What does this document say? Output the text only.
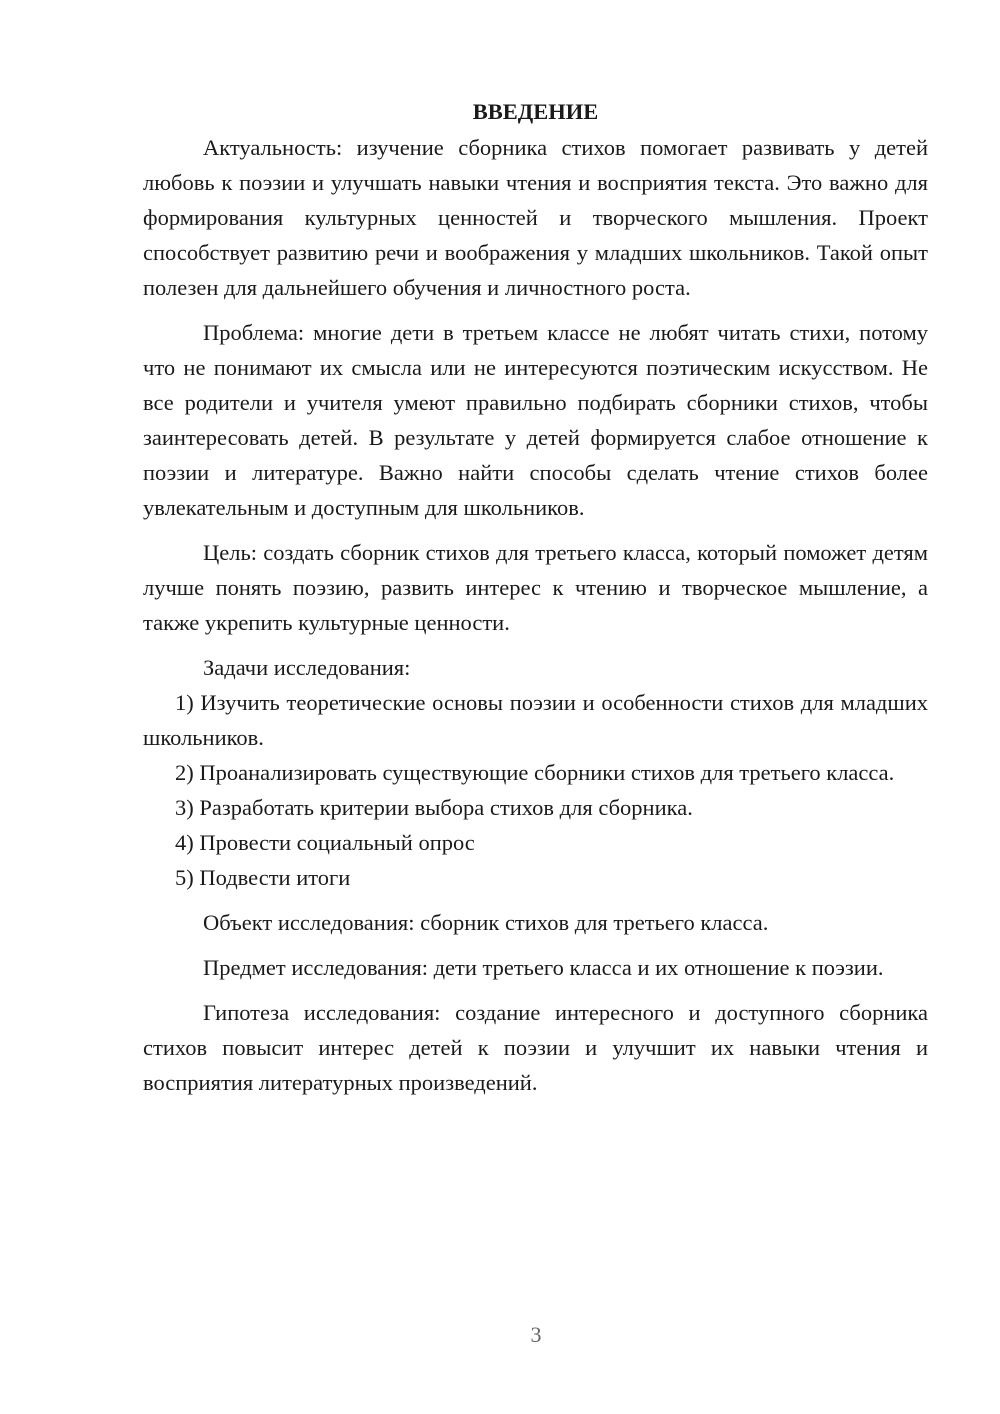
ВВЕДЕНИЕ

Актуальность: изучение сборника стихов помогает развивать у детей любовь к поэзии и улучшать навыки чтения и восприятия текста. Это важно для формирования культурных ценностей и творческого мышления. Проект способствует развитию речи и воображения у младших школьников. Такой опыт полезен для дальнейшего обучения и личностного роста.

Проблема: многие дети в третьем классе не любят читать стихи, потому что не понимают их смысла или не интересуются поэтическим искусством. Не все родители и учителя умеют правильно подбирать сборники стихов, чтобы заинтересовать детей. В результате у детей формируется слабое отношение к поэзии и литературе. Важно найти способы сделать чтение стихов более увлекательным и доступным для школьников.

Цель: создать сборник стихов для третьего класса, который поможет детям лучше понять поэзию, развить интерес к чтению и творческое мышление, а также укрепить культурные ценности.

Задачи исследования:

1) Изучить теоретические основы поэзии и особенности стихов для младших школьников.

2) Проанализировать существующие сборники стихов для третьего класса.

3) Разработать критерии выбора стихов для сборника.

4) Провести социальный опрос

5) Подвести итоги

Объект исследования: сборник стихов для третьего класса.

Предмет исследования: дети третьего класса и их отношение к поэзии.

Гипотеза исследования: создание интересного и доступного сборника стихов повысит интерес детей к поэзии и улучшит их навыки чтения и восприятия литературных произведений.

3
